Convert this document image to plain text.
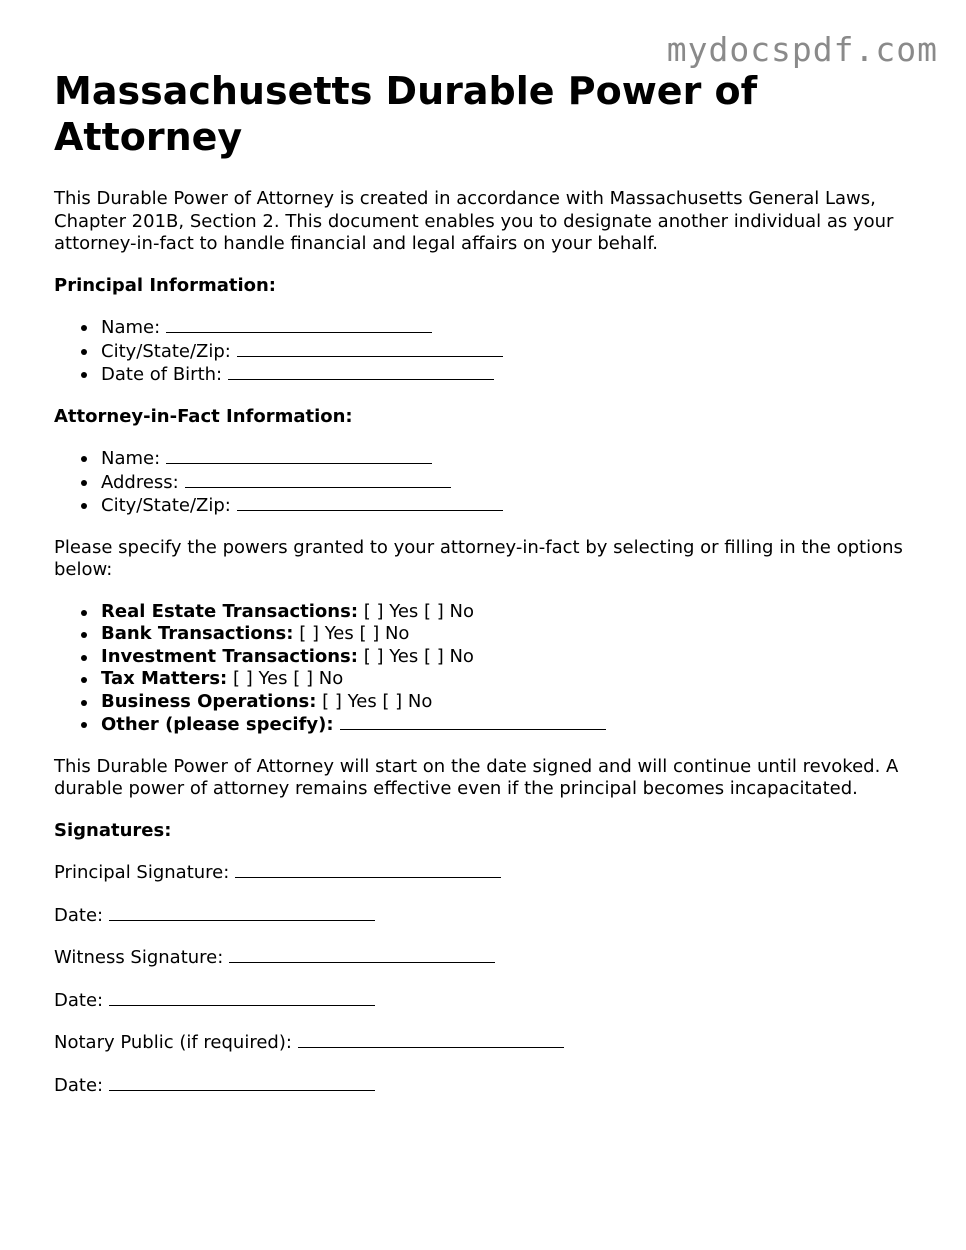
mydocspdf.com
Massachusetts Durable Power of Attorney

This Durable Power of Attorney is created in accordance with Massachusetts General Laws, Chapter 201B, Section 2. This document enables you to designate another individual as your attorney-in-fact to handle financial and legal affairs on your behalf.

Principal Information:

Name:
City/State/Zip:
Date of Birth:

Attorney-in-Fact Information:

Name:
Address:
City/State/Zip:

Please specify the powers granted to your attorney-in-fact by selecting or filling in the options below:

Real Estate Transactions: [ ] Yes [ ] No
Bank Transactions: [ ] Yes [ ] No
Investment Transactions: [ ] Yes [ ] No
Tax Matters: [ ] Yes [ ] No
Business Operations: [ ] Yes [ ] No
Other (please specify):

This Durable Power of Attorney will start on the date signed and will continue until revoked. A durable power of attorney remains effective even if the principal becomes incapacitated.

Signatures:

Principal Signature:

Date:

Witness Signature:

Date:

Notary Public (if required):

Date:
